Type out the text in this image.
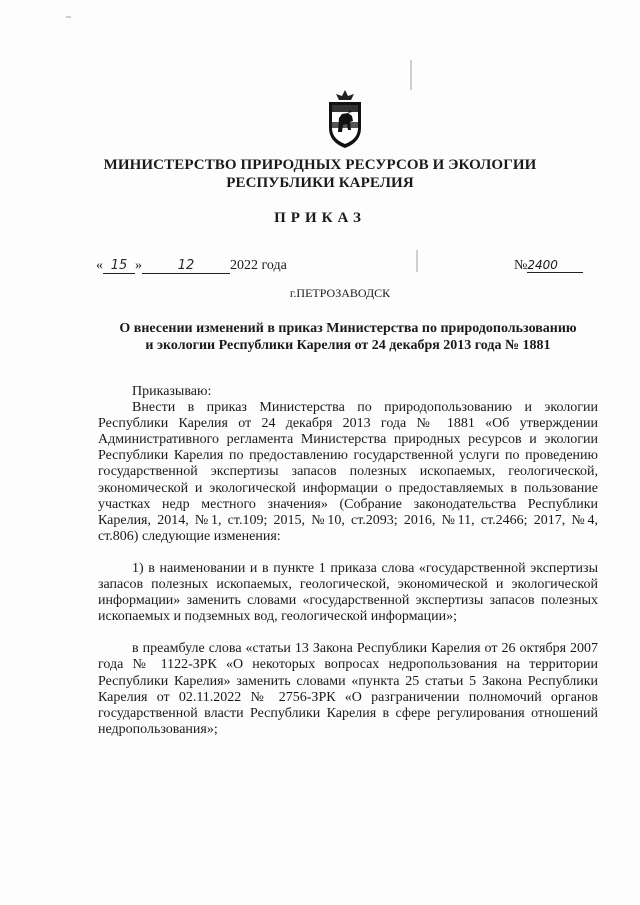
МИНИСТЕРСТВО ПРИРОДНЫХ РЕСУРСОВ И ЭКОЛОГИИ
РЕСПУБЛИКИ КАРЕЛИЯ
ПРИКАЗ
« 15 »	12	2022 года	№2400
г.ПЕТРОЗАВОДСК
О внесении изменений в приказ Министерства по природопользованию
и экологии Республики Карелия от 24 декабря 2013 года № 1881

Приказываю:

Внести в приказ Министерства по природопользованию и экологии Республики Карелия от 24 декабря 2013 года № 1881 «Об утверждении Административного регламента Министерства природных ресурсов и экологии Республики Карелия по предоставлению государственной услуги по проведению государственной экспертизы запасов полезных ископаемых, геологической, экономической и экологической информации о предоставляемых в пользование участках недр местного значения» (Собрание законодательства Республики Карелия, 2014, №1, ст.109; 2015, №10, ст.2093; 2016, №11, ст.2466; 2017, №4, ст.806) следующие изменения:

1) в наименовании и в пункте 1 приказа слова «государственной экспертизы запасов полезных ископаемых, геологической, экономической и экологической информации» заменить словами «государственной экспертизы запасов полезных ископаемых и подземных вод, геологической информации»;

в преамбуле слова «статьи 13 Закона Республики Карелия от 26 октября 2007 года № 1122-ЗРК «О некоторых вопросах недропользования на территории Республики Карелия» заменить словами «пункта 25 статьи 5 Закона Республики Карелия от 02.11.2022 № 2756-ЗРК «О разграничении полномочий органов государственной власти Республики Карелия в сфере регулирования отношений недропользования»;
